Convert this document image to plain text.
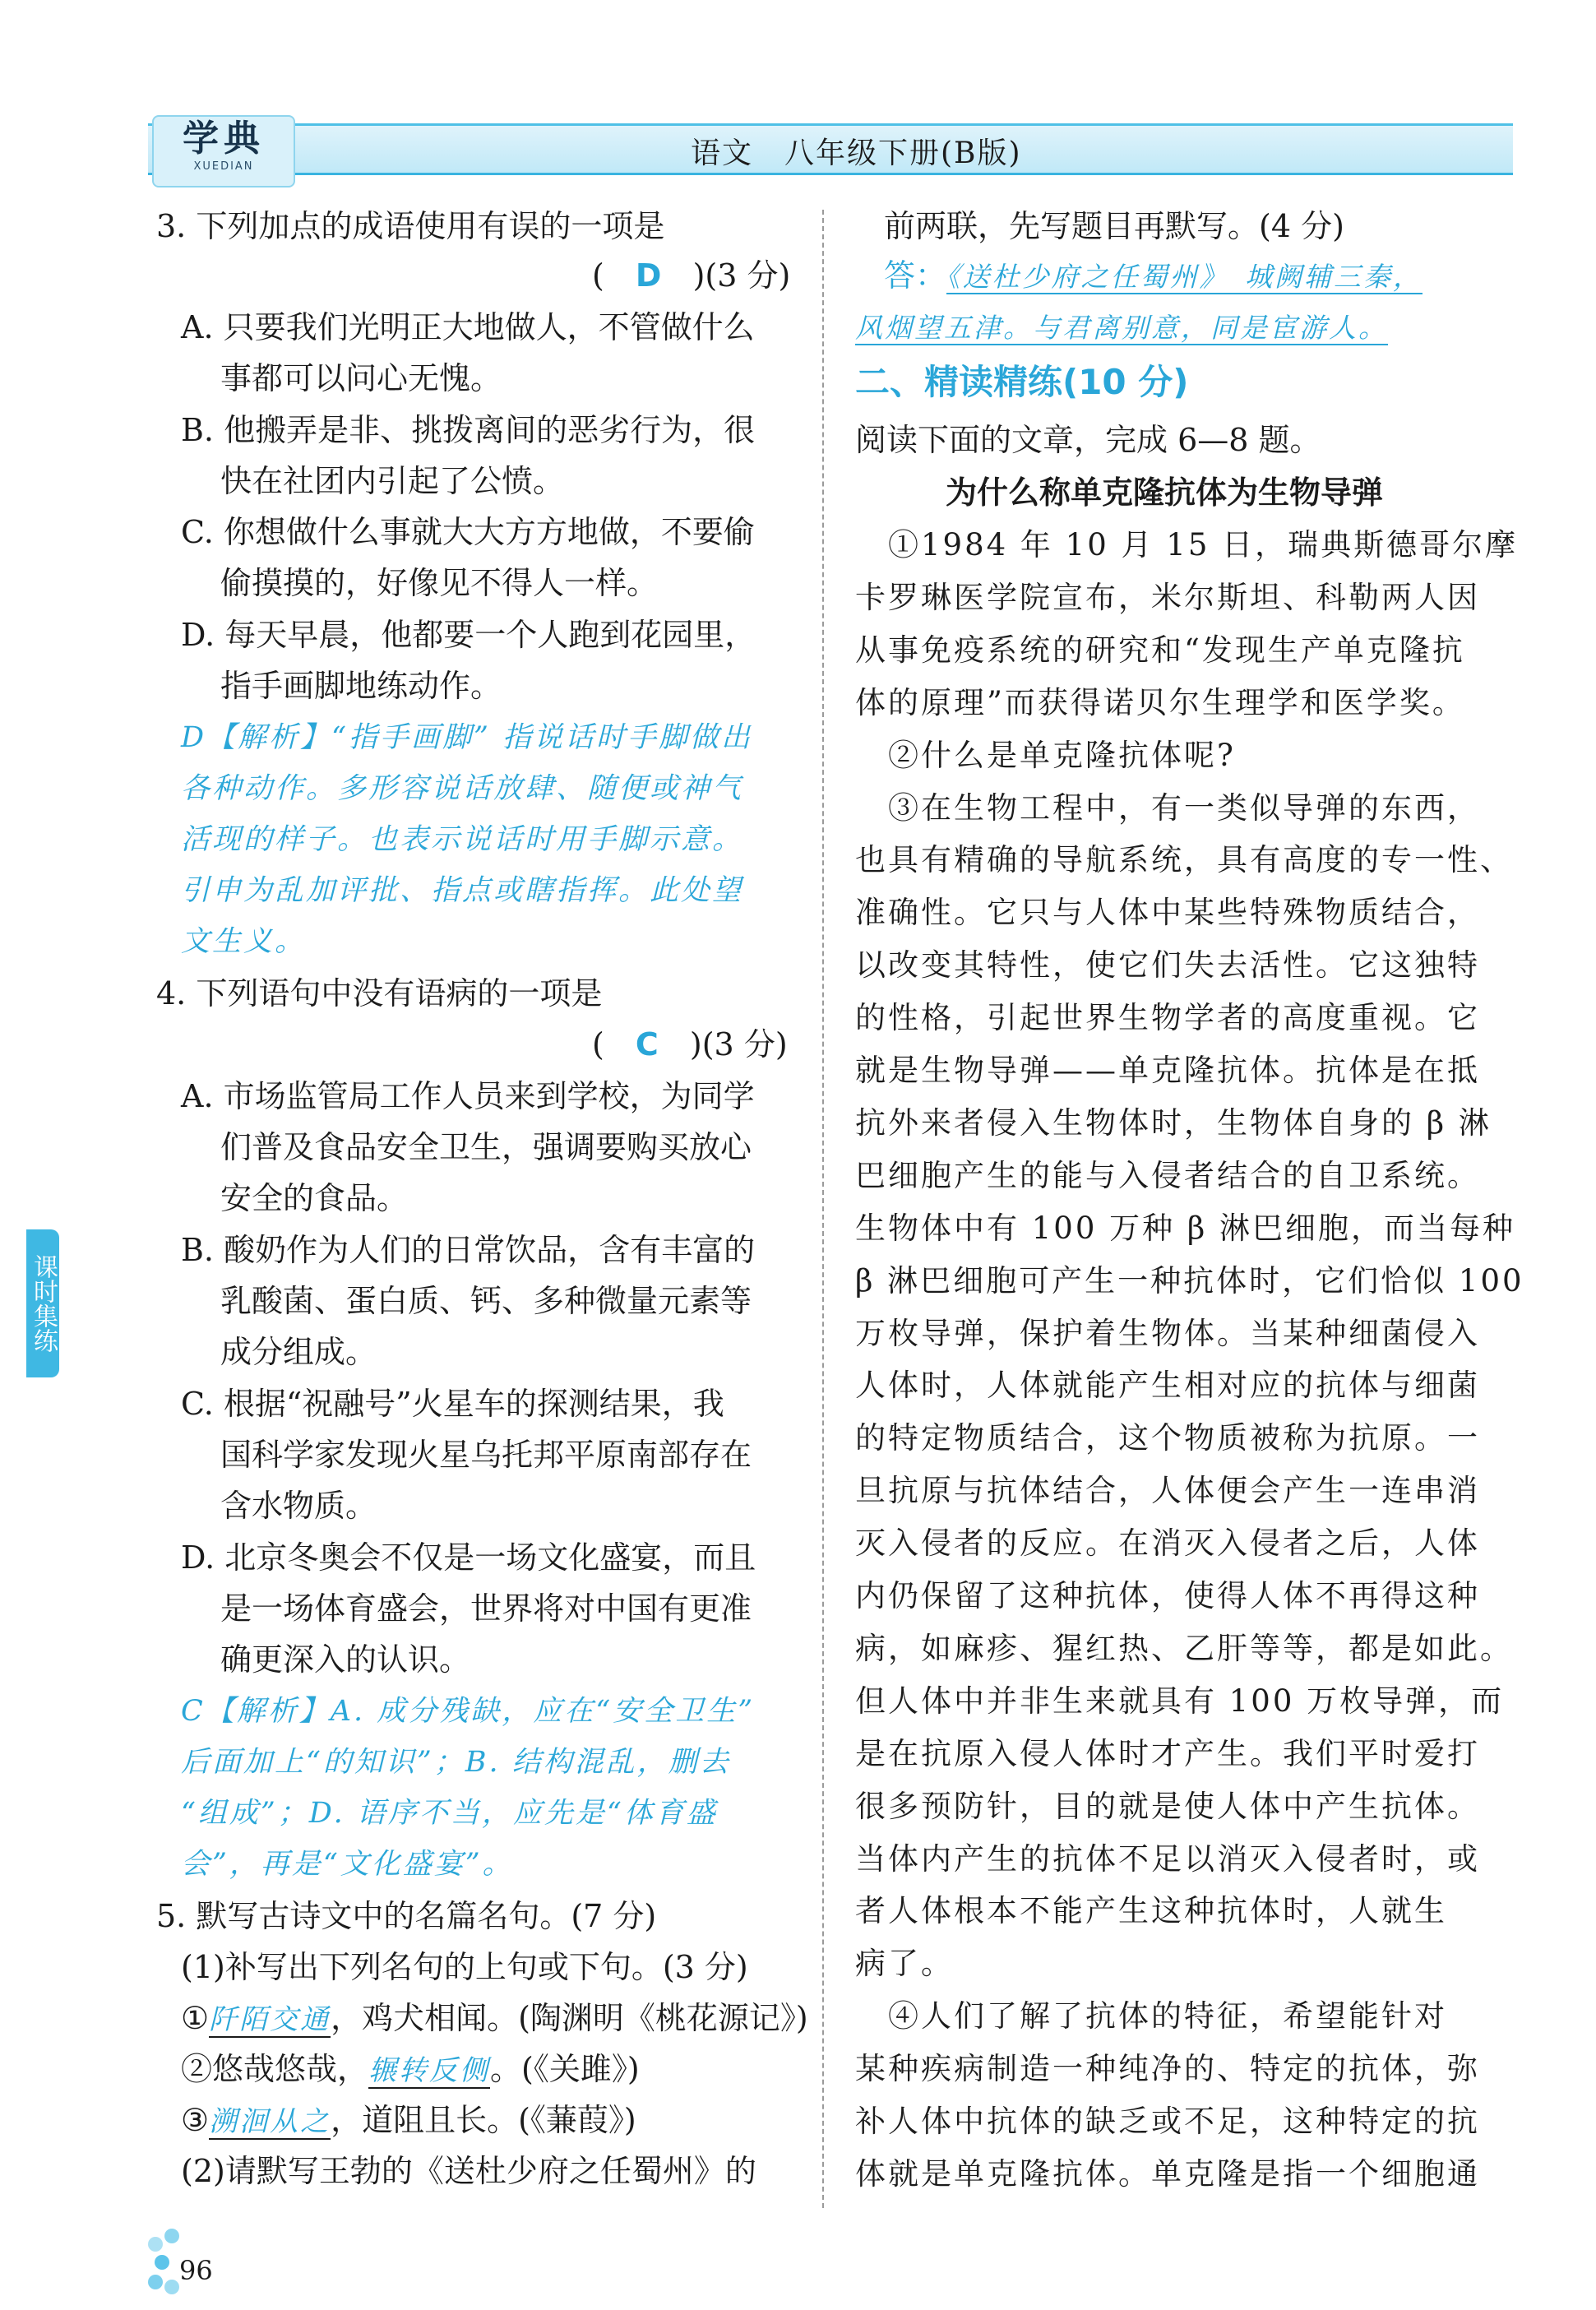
学典
XUEDIAN	语文　八年级下册(B版)
课时集练
3. 下列加点的成语使用有误的一项是
( D )(3 分)
A. 只要我们光明正大地做人，不管做什么
事都可以问心无愧。
B. 他搬弄是非、挑拨离间的恶劣行为，很
快在社团内引起了公愤。
C. 你想做什么事就大大方方地做，不要偷
偷摸摸的，好像见不得人一样。
D. 每天早晨，他都要一个人跑到花园里，
指手画脚地练动作。
D【解析】“指手画脚” 指说话时手脚做出
各种动作。多形容说话放肆、随便或神气
活现的样子。也表示说话时用手脚示意。
引申为乱加评批、指点或瞎指挥。此处望
文生义。
4. 下列语句中没有语病的一项是
( C )(3 分)
A. 市场监管局工作人员来到学校，为同学
们普及食品安全卫生，强调要购买放心
安全的食品。
B. 酸奶作为人们的日常饮品，含有丰富的
乳酸菌、蛋白质、钙、多种微量元素等
成分组成。
C. 根据“祝融号”火星车的探测结果，我
国科学家发现火星乌托邦平原南部存在
含水物质。
D. 北京冬奥会不仅是一场文化盛宴，而且
是一场体育盛会，世界将对中国有更准
确更深入的认识。
C【解析】A. 成分残缺，应在“安全卫生”
后面加上“的知识”；B. 结构混乱，删去
“组成”；D. 语序不当，应先是“体育盛
会”，再是“文化盛宴”。
5. 默写古诗文中的名篇名句。(7 分)
(1)补写出下列名句的上句或下句。(3 分)
①阡陌交通，鸡犬相闻。(陶渊明《桃花源记》)
②悠哉悠哉，辗转反侧。(《关雎》)
③溯洄从之，道阻且长。(《蒹葭》)
(2)请默写王勃的《送杜少府之任蜀州》的
前两联，先写题目再默写。(4 分)
答：《送杜少府之任蜀州》　城阙辅三秦，
风烟望五津。与君离别意，同是宦游人。
二、精读精练(10 分)
阅读下面的文章，完成 6—8 题。
为什么称单克隆抗体为生物导弹
　①1984 年 10 月 15 日，瑞典斯德哥尔摩
卡罗琳医学院宣布，米尔斯坦、科勒两人因
从事免疫系统的研究和“发现生产单克隆抗
体的原理”而获得诺贝尔生理学和医学奖。
　②什么是单克隆抗体呢?
　③在生物工程中，有一类似导弹的东西，
也具有精确的导航系统，具有高度的专一性、
准确性。它只与人体中某些特殊物质结合，
以改变其特性，使它们失去活性。它这独特
的性格，引起世界生物学者的高度重视。它
就是生物导弹——单克隆抗体。抗体是在抵
抗外来者侵入生物体时，生物体自身的 β 淋
巴细胞产生的能与入侵者结合的自卫系统。
生物体中有 100 万种 β 淋巴细胞，而当每种
β 淋巴细胞可产生一种抗体时，它们恰似 100
万枚导弹，保护着生物体。当某种细菌侵入
人体时，人体就能产生相对应的抗体与细菌
的特定物质结合，这个物质被称为抗原。一
旦抗原与抗体结合，人体便会产生一连串消
灭入侵者的反应。在消灭入侵者之后，人体
内仍保留了这种抗体，使得人体不再得这种
病，如麻疹、猩红热、乙肝等等，都是如此。
但人体中并非生来就具有 100 万枚导弹，而
是在抗原入侵人体时才产生。我们平时爱打
很多预防针，目的就是使人体中产生抗体。
当体内产生的抗体不足以消灭入侵者时，或
者人体根本不能产生这种抗体时，人就生
病了。
　④人们了解了抗体的特征，希望能针对
某种疾病制造一种纯净的、特定的抗体，弥
补人体中抗体的缺乏或不足，这种特定的抗
体就是单克隆抗体。单克隆是指一个细胞通
96
